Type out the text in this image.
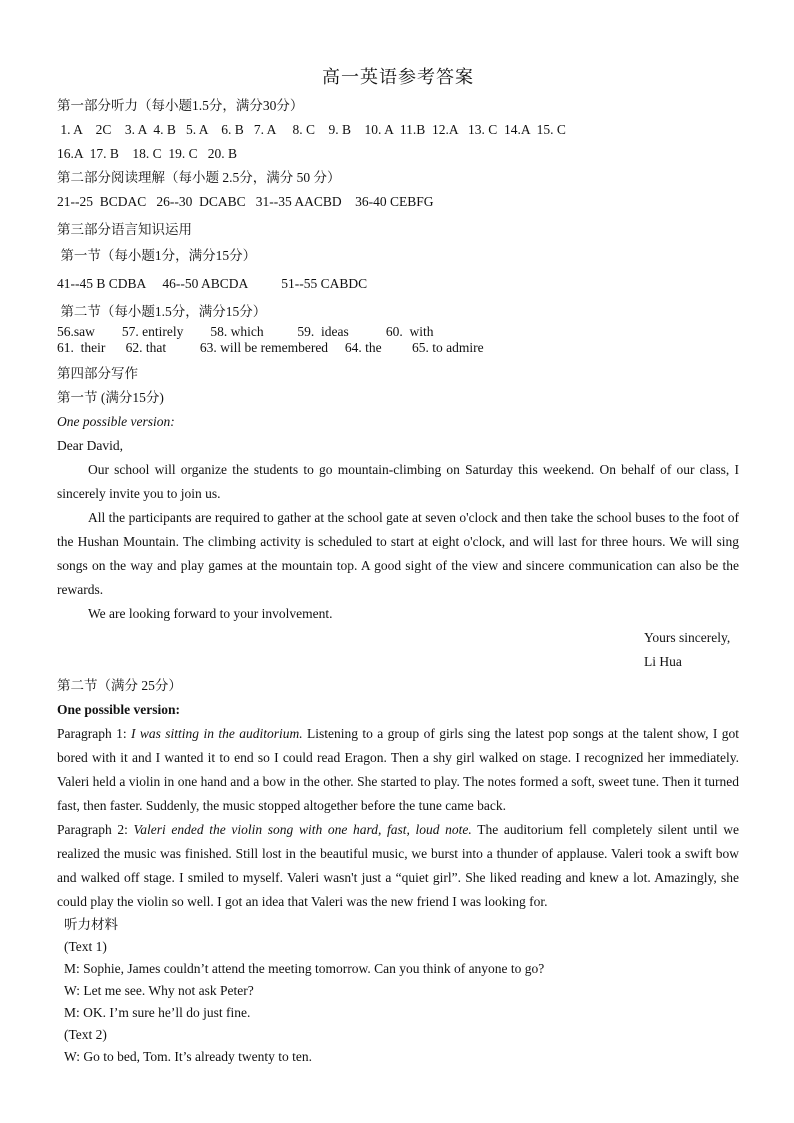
高一英语参考答案
第一部分听力（每小题1.5分，满分30分）
1. A    2C    3. A  4. B   5. A    6. B   7. A     8. C    9. B    10. A  11.B  12.A   13. C  14.A  15. C
16.A  17. B    18. C  19. C   20. B
第二部分阅读理解（每小题 2.5分，满分 50 分）
21--25  BCDAC   26--30  DCABC   31--35 AACBD    36-40 CEBFG
第三部分语言知识运用
第一节（每小题1分，满分15分）
41--45 B CDBA     46--50 ABCDA          51--55 CABDC
第二节（每小题1.5分，满分15分）
56.saw        57. entirely        58. which          59.  ideas           60.  with
61.  their      62. that          63. will be remembered     64. the         65. to admire
第四部分写作
第一节 (满分15分)
One possible version:
Dear David,
Our school will organize the students to go mountain-climbing on Saturday this weekend. On behalf of our class, I sincerely invite you to join us.
All the participants are required to gather at the school gate at seven o'clock and then take the school buses to the foot of the Hushan Mountain. The climbing activity is scheduled to start at eight o'clock, and will last for three hours. We will sing songs on the way and play games at the mountain top. A good sight of the view and sincere communication can also be the rewards.
We are looking forward to your involvement.
Yours sincerely,
Li Hua
第二节（满分 25分）
One possible version:
Paragraph 1: I was sitting in the auditorium. Listening to a group of girls sing the latest pop songs at the talent show, I got bored with it and I wanted it to end so I could read Eragon. Then a shy girl walked on stage. I recognized her immediately. Valeri held a violin in one hand and a bow in the other. She started to play. The notes formed a soft, sweet tune. Then it turned fast, then faster. Suddenly, the music stopped altogether before the tune came back.
Paragraph 2: Valeri ended the violin song with one hard, fast, loud note. The auditorium fell completely silent until we realized the music was finished. Still lost in the beautiful music, we burst into a thunder of applause. Valeri took a swift bow and walked off stage. I smiled to myself. Valeri wasn't just a “quiet girl”. She liked reading and knew a lot. Amazingly, she could play the violin so well. I got an idea that Valeri was the new friend I was looking for.
听力材料
(Text 1)
M: Sophie, James couldn’t attend the meeting tomorrow. Can you think of anyone to go?
W: Let me see. Why not ask Peter?
M: OK. I’m sure he’ll do just fine.
(Text 2)
W: Go to bed, Tom. It’s already twenty to ten.
